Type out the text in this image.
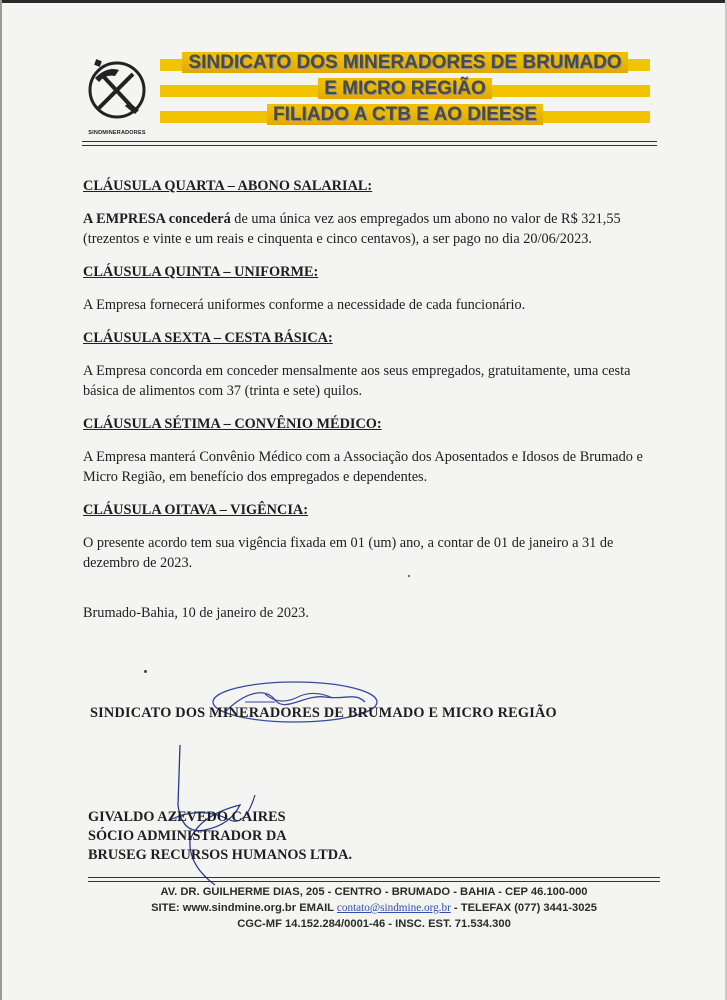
SINDMINERADORES
SINDICATO DOS MINERADORES DE BRUMADO
E MICRO REGIÃO
FILIADO A CTB E AO DIEESE

CLÁUSULA QUARTA – ABONO SALARIAL:

A EMPRESA concederá de uma única vez aos empregados um abono no valor de R$ 321,55 (trezentos e vinte e um reais e cinquenta e cinco centavos), a ser pago no dia 20/06/2023.

CLÁUSULA QUINTA – UNIFORME:

A Empresa fornecerá uniformes conforme a necessidade de cada funcionário.

CLÁUSULA SEXTA – CESTA BÁSICA:

A Empresa concorda em conceder mensalmente aos seus empregados, gratuitamente, uma cesta básica de alimentos com 37 (trinta e sete) quilos.

CLÁUSULA SÉTIMA – CONVÊNIO MÉDICO:

A Empresa manterá Convênio Médico com a Associação dos Aposentados e Idosos de Brumado e Micro Região, em benefício dos empregados e dependentes.

CLÁUSULA OITAVA – VIGÊNCIA:

O presente acordo tem sua vigência fixada em 01 (um) ano, a contar de 01 de janeiro a 31 de dezembro de 2023.

Brumado-Bahia, 10 de janeiro de 2023.
SINDICATO DOS MINERADORES DE BRUMADO E MICRO REGIÃO
GIVALDO AZEVEDO CAIRES
SÓCIO ADMINISTRADOR DA
BRUSEG RECURSOS HUMANOS LTDA.
AV. DR. GUILHERME DIAS, 205 - CENTRO - BRUMADO - BAHIA - CEP 46.100-000
SITE: www.sindmine.org.br EMAIL contato@sindmine.org.br - TELEFAX (077) 3441-3025
CGC-MF 14.152.284/0001-46 - INSC. EST. 71.534.300
